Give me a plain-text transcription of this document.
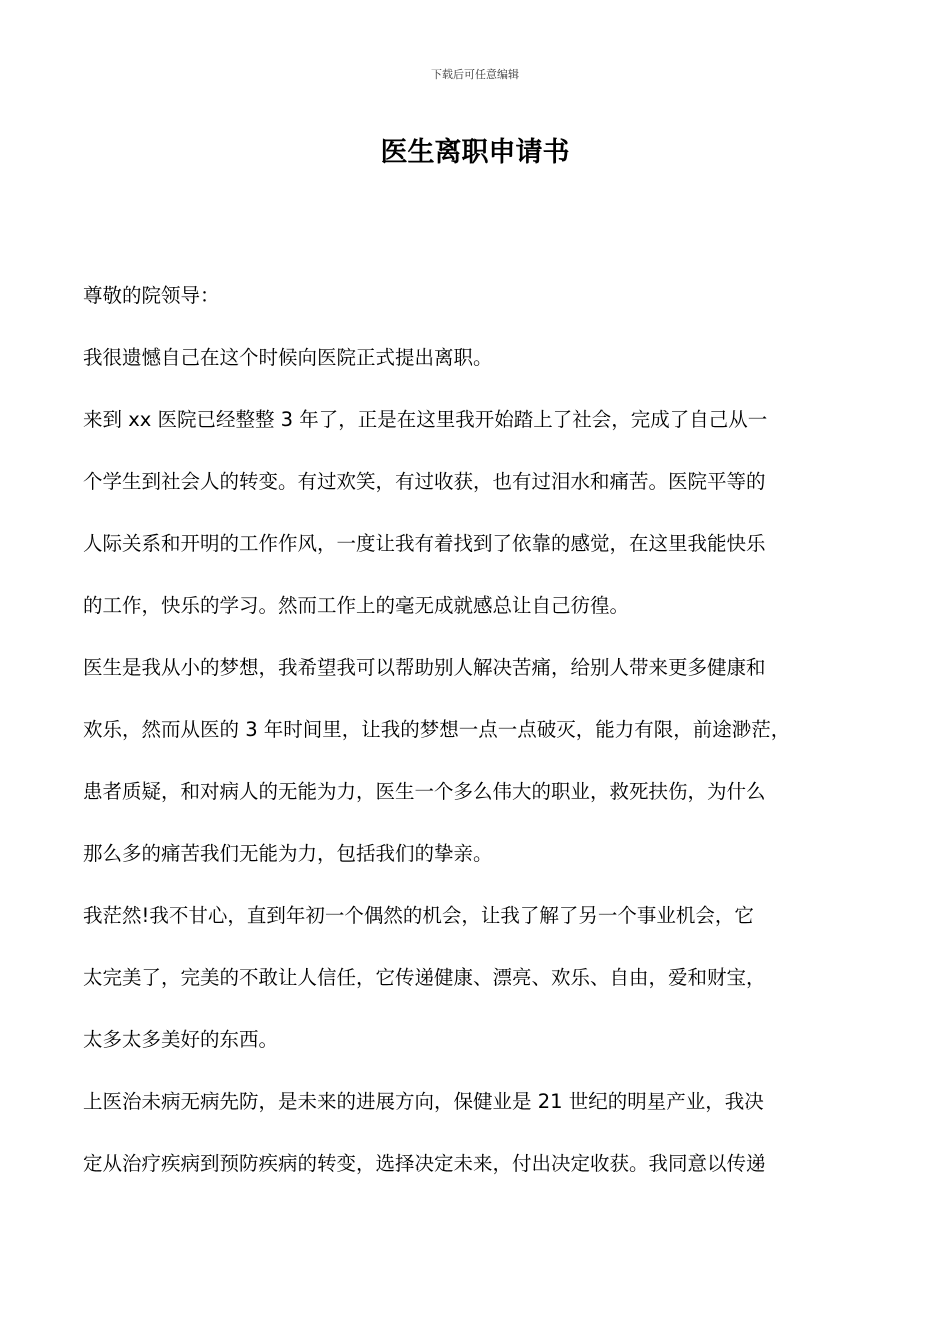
下载后可任意编辑
医生离职申请书
尊敬的院领导：
我很遗憾自己在这个时候向医院正式提出离职。
来到 xx 医院已经整整 3 年了，正是在这里我开始踏上了社会，完成了自己从一
个学生到社会人的转变。有过欢笑，有过收获，也有过泪水和痛苦。医院平等的
人际关系和开明的工作作风，一度让我有着找到了依靠的感觉，在这里我能快乐
的工作，快乐的学习。然而工作上的毫无成就感总让自己彷徨。
医生是我从小的梦想，我希望我可以帮助别人解决苦痛，给别人带来更多健康和
欢乐，然而从医的 3 年时间里，让我的梦想一点一点破灭，能力有限，前途渺茫，
患者质疑，和对病人的无能为力，医生一个多么伟大的职业，救死扶伤，为什么
那么多的痛苦我们无能为力，包括我们的挚亲。
我茫然!我不甘心，直到年初一个偶然的机会，让我了解了另一个事业机会，它
太完美了，完美的不敢让人信任，它传递健康、漂亮、欢乐、自由，爱和财宝，
太多太多美好的东西。
上医治未病无病先防，是未来的进展方向，保健业是 21 世纪的明星产业，我决
定从治疗疾病到预防疾病的转变，选择决定未来，付出决定收获。我同意以传递
